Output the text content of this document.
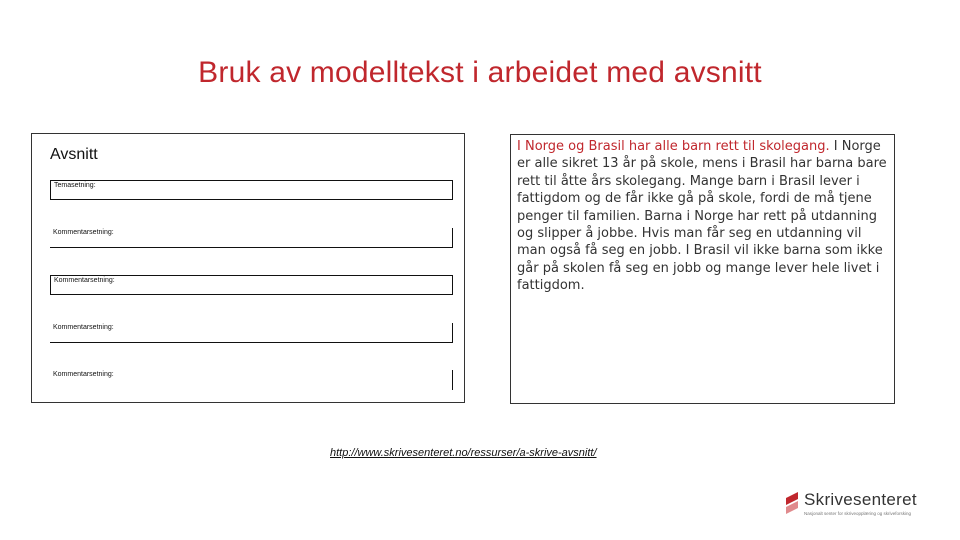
Bruk av modelltekst i arbeidet med avsnitt
Avsnitt
Temasetning:
Kommentarsetning:
Kommentarsetning:
Kommentarsetning:
Kommentarsetning:
I Norge og Brasil har alle barn rett til skolegang. I Norge er alle sikret 13 år på skole, mens i Brasil har barna bare rett til åtte års skolegang. Mange barn i Brasil lever i fattigdom og de får ikke gå på skole, fordi de må tjene penger til familien. Barna i Norge har rett på utdanning og slipper å jobbe. Hvis man får seg en utdanning vil man også få seg en jobb. I Brasil vil ikke barna som ikke går på skolen få seg en jobb og mange lever hele livet i fattigdom.
http://www.skrivesenteret.no/ressurser/a-skrive-avsnitt/
Skrivesenteret
Nasjonalt senter for skriveopplæring og skriveforsking
